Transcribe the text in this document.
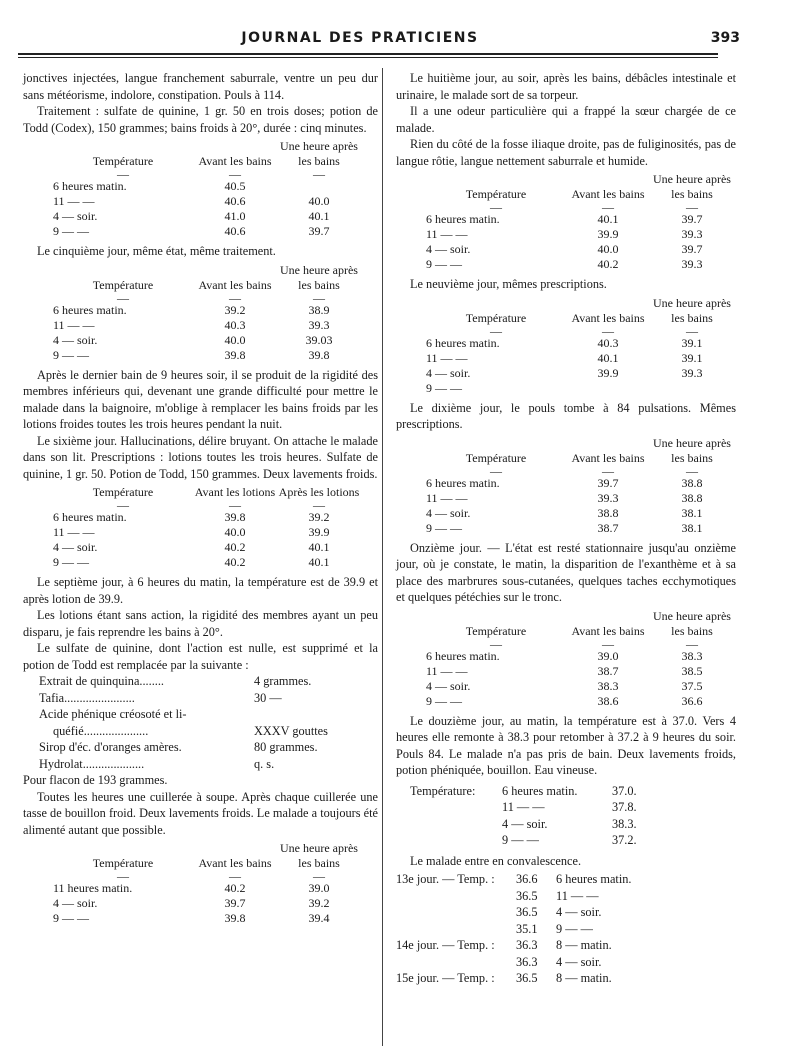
JOURNAL DES PRATICIENS	393

jonctives injectées, langue franchement saburrale, ventre un peu dur sans météorisme, indolore, constipation. Pouls à 114.

Traitement : sulfate de quinine, 1 gr. 50 en trois doses; potion de Todd (Codex), 150 grammes; bains froids à 20°, durée : cinq minutes.

Température	Avant les bains	Une heure après les bains
—	—	—
6 heures matin.	40.5	
11 — —	40.6	40.0
4 — soir.	41.0	40.1
9 — —	40.6	39.7

Le cinquième jour, même état, même traitement.

Température	Avant les bains	Une heure après les bains
—	—	—
6 heures matin.	39.2	38.9
11 — —	40.3	39.3
4 — soir.	40.0	39.03
9 — —	39.8	39.8

Après le dernier bain de 9 heures soir, il se produit de la rigidité des membres inférieurs qui, devenant une grande difficulté pour mettre le malade dans la baignoire, m'oblige à remplacer les bains froids par les lotions froides toutes les trois heures pendant la nuit.

Le sixième jour. Hallucinations, délire bruyant. On attache le malade dans son lit. Prescriptions : lotions toutes les trois heures. Sulfate de quinine, 1 gr. 50. Potion de Todd, 150 grammes. Deux lavements froids.

Température	Avant les lotions	Après les lotions
—	—	—
6 heures matin.	39.8	39.2
11 — —	40.0	39.9
4 — soir.	40.2	40.1
9 — —	40.2	40.1

Le septième jour, à 6 heures du matin, la température est de 39.9 et après lotion de 39.9.

Les lotions étant sans action, la rigidité des membres ayant un peu disparu, je fais reprendre les bains à 20°.

Le sulfate de quinine, dont l'action est nulle, est supprimé et la potion de Todd est remplacée par la suivante :

Extrait de quinquina........	4 grammes.
Tafia.......................	30 —
Acide phénique créosoté et li-
quéfié.....................	XXXV gouttes
Sirop d'éc. d'oranges amères.	80 grammes.
Hydrolat....................	q. s.

Pour flacon de 193 grammes.

Toutes les heures une cuillerée à soupe. Après chaque cuillerée une tasse de bouillon froid. Deux lavements froids. Le malade a toujours été alimenté autant que possible.

Température	Avant les bains	Une heure après les bains
—	—	—
11 heures matin.	40.2	39.0
4 — soir.	39.7	39.2
9 — —	39.8	39.4

Le huitième jour, au soir, après les bains, débâcles intestinale et urinaire, le malade sort de sa torpeur.

Il a une odeur particulière qui a frappé la sœur chargée de ce malade.

Rien du côté de la fosse iliaque droite, pas de fuliginosités, pas de langue rôtie, langue nettement saburrale et humide.

Température	Avant les bains	Une heure après les bains
—	—	—
6 heures matin.	40.1	39.7
11 — —	39.9	39.3
4 — soir.	40.0	39.7
9 — —	40.2	39.3

Le neuvième jour, mêmes prescriptions.

Température	Avant les bains	Une heure après les bains
—	—	—
6 heures matin.	40.3	39.1
11 — —	40.1	39.1
4 — soir.	39.9	39.3
9 — —		

Le dixième jour, le pouls tombe à 84 pulsations. Mêmes prescriptions.

Température	Avant les bains	Une heure après les bains
—	—	—
6 heures matin.	39.7	38.8
11 — —	39.3	38.8
4 — soir.	38.8	38.1
9 — —	38.7	38.1

Onzième jour. — L'état est resté stationnaire jusqu'au onzième jour, où je constate, le matin, la disparition de l'exanthème et à sa place des marbrures sous-cutanées, quelques taches ecchymotiques et quelques pétéchies sur le tronc.

Température	Avant les bains	Une heure après les bains
—	—	—
6 heures matin.	39.0	38.3
11 — —	38.7	38.5
4 — soir.	38.3	37.5
9 — —	38.6	36.6

Le douzième jour, au matin, la température est à 37.0. Vers 4 heures elle remonte à 38.3 pour retomber à 37.2 à 9 heures du soir. Pouls 84. Le malade n'a pas pris de bain. Deux lavements froids, potion phéniquée, bouillon. Eau vineuse.

Température:	6 heures matin.	37.0.
11 — —	37.8.
4 — soir.	38.3.
9 — —	37.2.

Le malade entre en convalescence.

13e jour. — Temp. :	36.6	6 heures matin.
36.5	11 — —
36.5	4 — soir.
35.1	9 — —
14e jour. — Temp. :	36.3	8 — matin.
36.3	4 — soir.
15e jour. — Temp. :	36.5	8 — matin.
